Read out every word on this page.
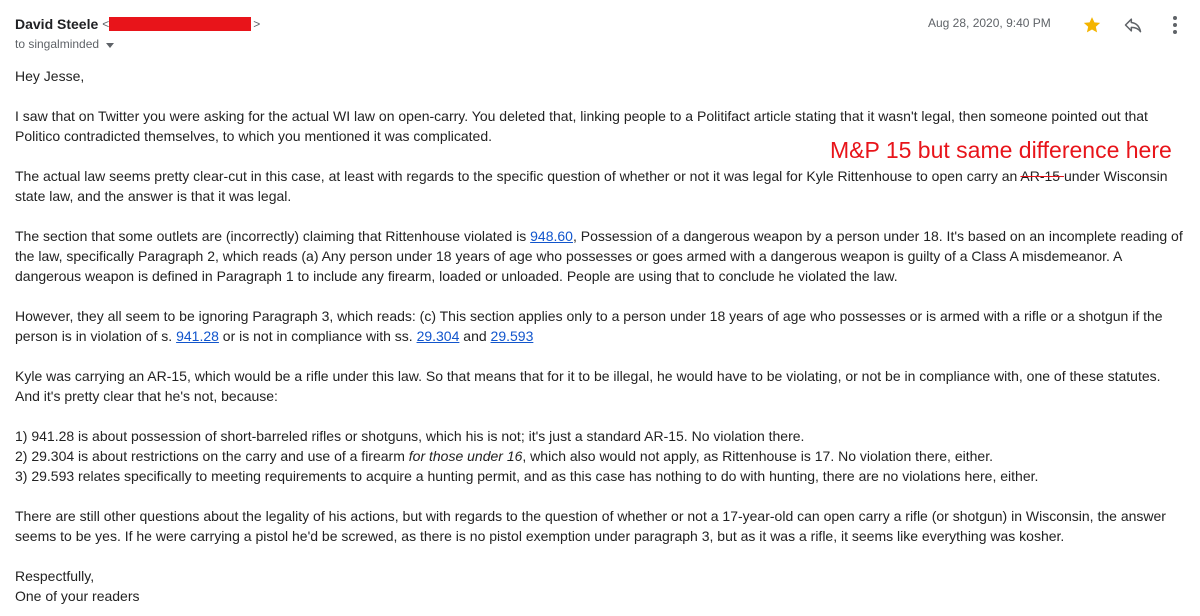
David Steele <	>
to singalminded
Aug 28, 2020, 9:40 PM
M&P 15 but same difference here

Hey Jesse,

I saw that on Twitter you were asking for the actual WI law on open-carry. You deleted that, linking people to a Politifact article stating that it wasn't legal, then someone pointed out that Politico contradicted themselves, to which you mentioned it was complicated.

The actual law seems pretty clear-cut in this case, at least with regards to the specific question of whether or not it was legal for Kyle Rittenhouse to open carry an AR-15 under Wisconsin state law, and the answer is that it was legal.

The section that some outlets are (incorrectly) claiming that Rittenhouse violated is 948.60, Possession of a dangerous weapon by a person under 18. It's based on an incomplete reading of the law, specifically Paragraph 2, which reads (a) Any person under 18 years of age who possesses or goes armed with a dangerous weapon is guilty of a Class A misdemeanor. A dangerous weapon is defined in Paragraph 1 to include any firearm, loaded or unloaded. People are using that to conclude he violated the law.

However, they all seem to be ignoring Paragraph 3, which reads: (c) This section applies only to a person under 18 years of age who possesses or is armed with a rifle or a shotgun if the person is in violation of s. 941.28 or is not in compliance with ss. 29.304 and 29.593

Kyle was carrying an AR-15, which would be a rifle under this law. So that means that for it to be illegal, he would have to be violating, or not be in compliance with, one of these statutes. And it's pretty clear that he's not, because:

1) 941.28 is about possession of short-barreled rifles or shotguns, which his is not; it's just a standard AR-15. No violation there.

2) 29.304 is about restrictions on the carry and use of a firearm for those under 16, which also would not apply, as Rittenhouse is 17. No violation there, either.

3) 29.593 relates specifically to meeting requirements to acquire a hunting permit, and as this case has nothing to do with hunting, there are no violations here, either.

There are still other questions about the legality of his actions, but with regards to the question of whether or not a 17-year-old can open carry a rifle (or shotgun) in Wisconsin, the answer seems to be yes. If he were carrying a pistol he'd be screwed, as there is no pistol exemption under paragraph 3, but as it was a rifle, it seems like everything was kosher.

Respectfully,

One of your readers
